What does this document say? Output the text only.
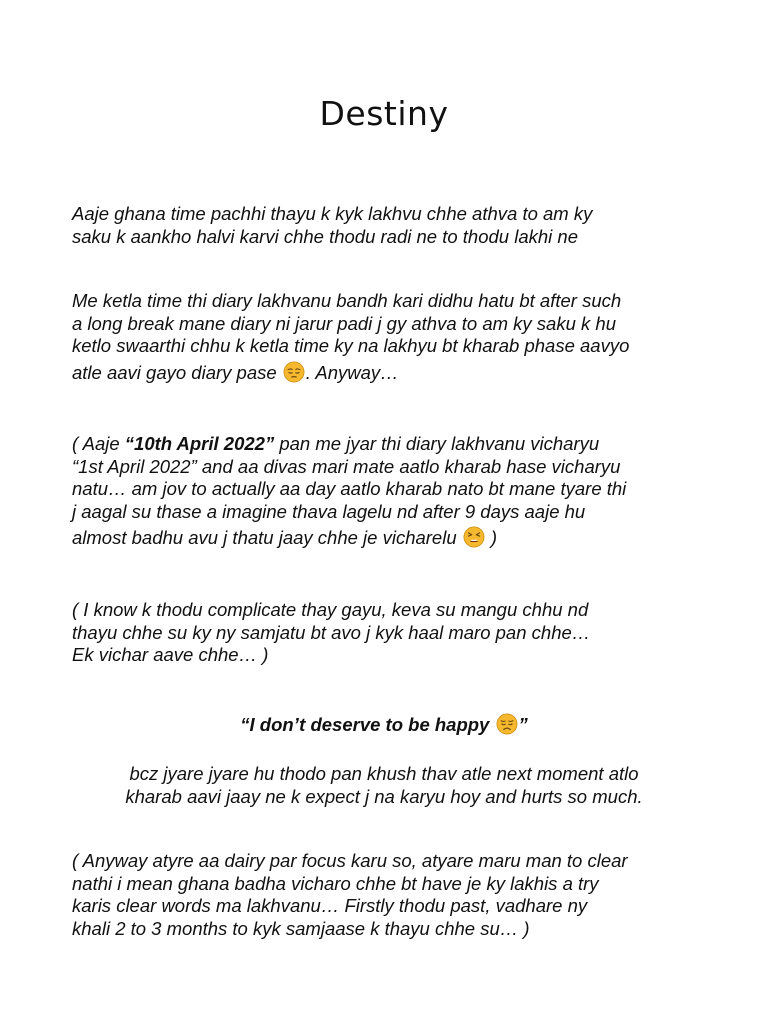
Destiny

Aaje ghana time pachhi thayu k kyk lakhvu chhe athva to am ky
saku k aankho halvi karvi chhe thodu radi ne to thodu lakhi ne

Me ketla time thi diary lakhvanu bandh kari didhu hatu bt after such
a long break mane diary ni jarur padi j gy athva to am ky saku k hu
ketlo swaarthi chhu k ketla time ky na lakhyu bt kharab phase aavyo
atle aavi gayo diary pase . Anyway…

( Aaje “10th April 2022” pan me jyar thi diary lakhvanu vicharyu
“1st April 2022” and aa divas mari mate aatlo kharab hase vicharyu
natu… am jov to actually aa day aatlo kharab nato bt mane tyare thi
j aagal su thase a imagine thava lagelu nd after 9 days aaje hu
almost badhu avu j thatu jaay chhe je vicharelu  )

( I know k thodu complicate thay gayu, keva su mangu chhu nd
thayu chhe su ky ny samjatu bt avo j kyk haal maro pan chhe…
Ek vichar aave chhe… )

“I don’t deserve to be happy ”

bcz jyare jyare hu thodo pan khush thav atle next moment atlo
kharab aavi jaay ne k expect j na karyu hoy and hurts so much.

( Anyway atyre aa dairy par focus karu so, atyare maru man to clear
nathi i mean ghana badha vicharo chhe bt have je ky lakhis a try
karis clear words ma lakhvanu… Firstly thodu past, vadhare ny
khali 2 to 3 months to kyk samjaase k thayu chhe su… )
